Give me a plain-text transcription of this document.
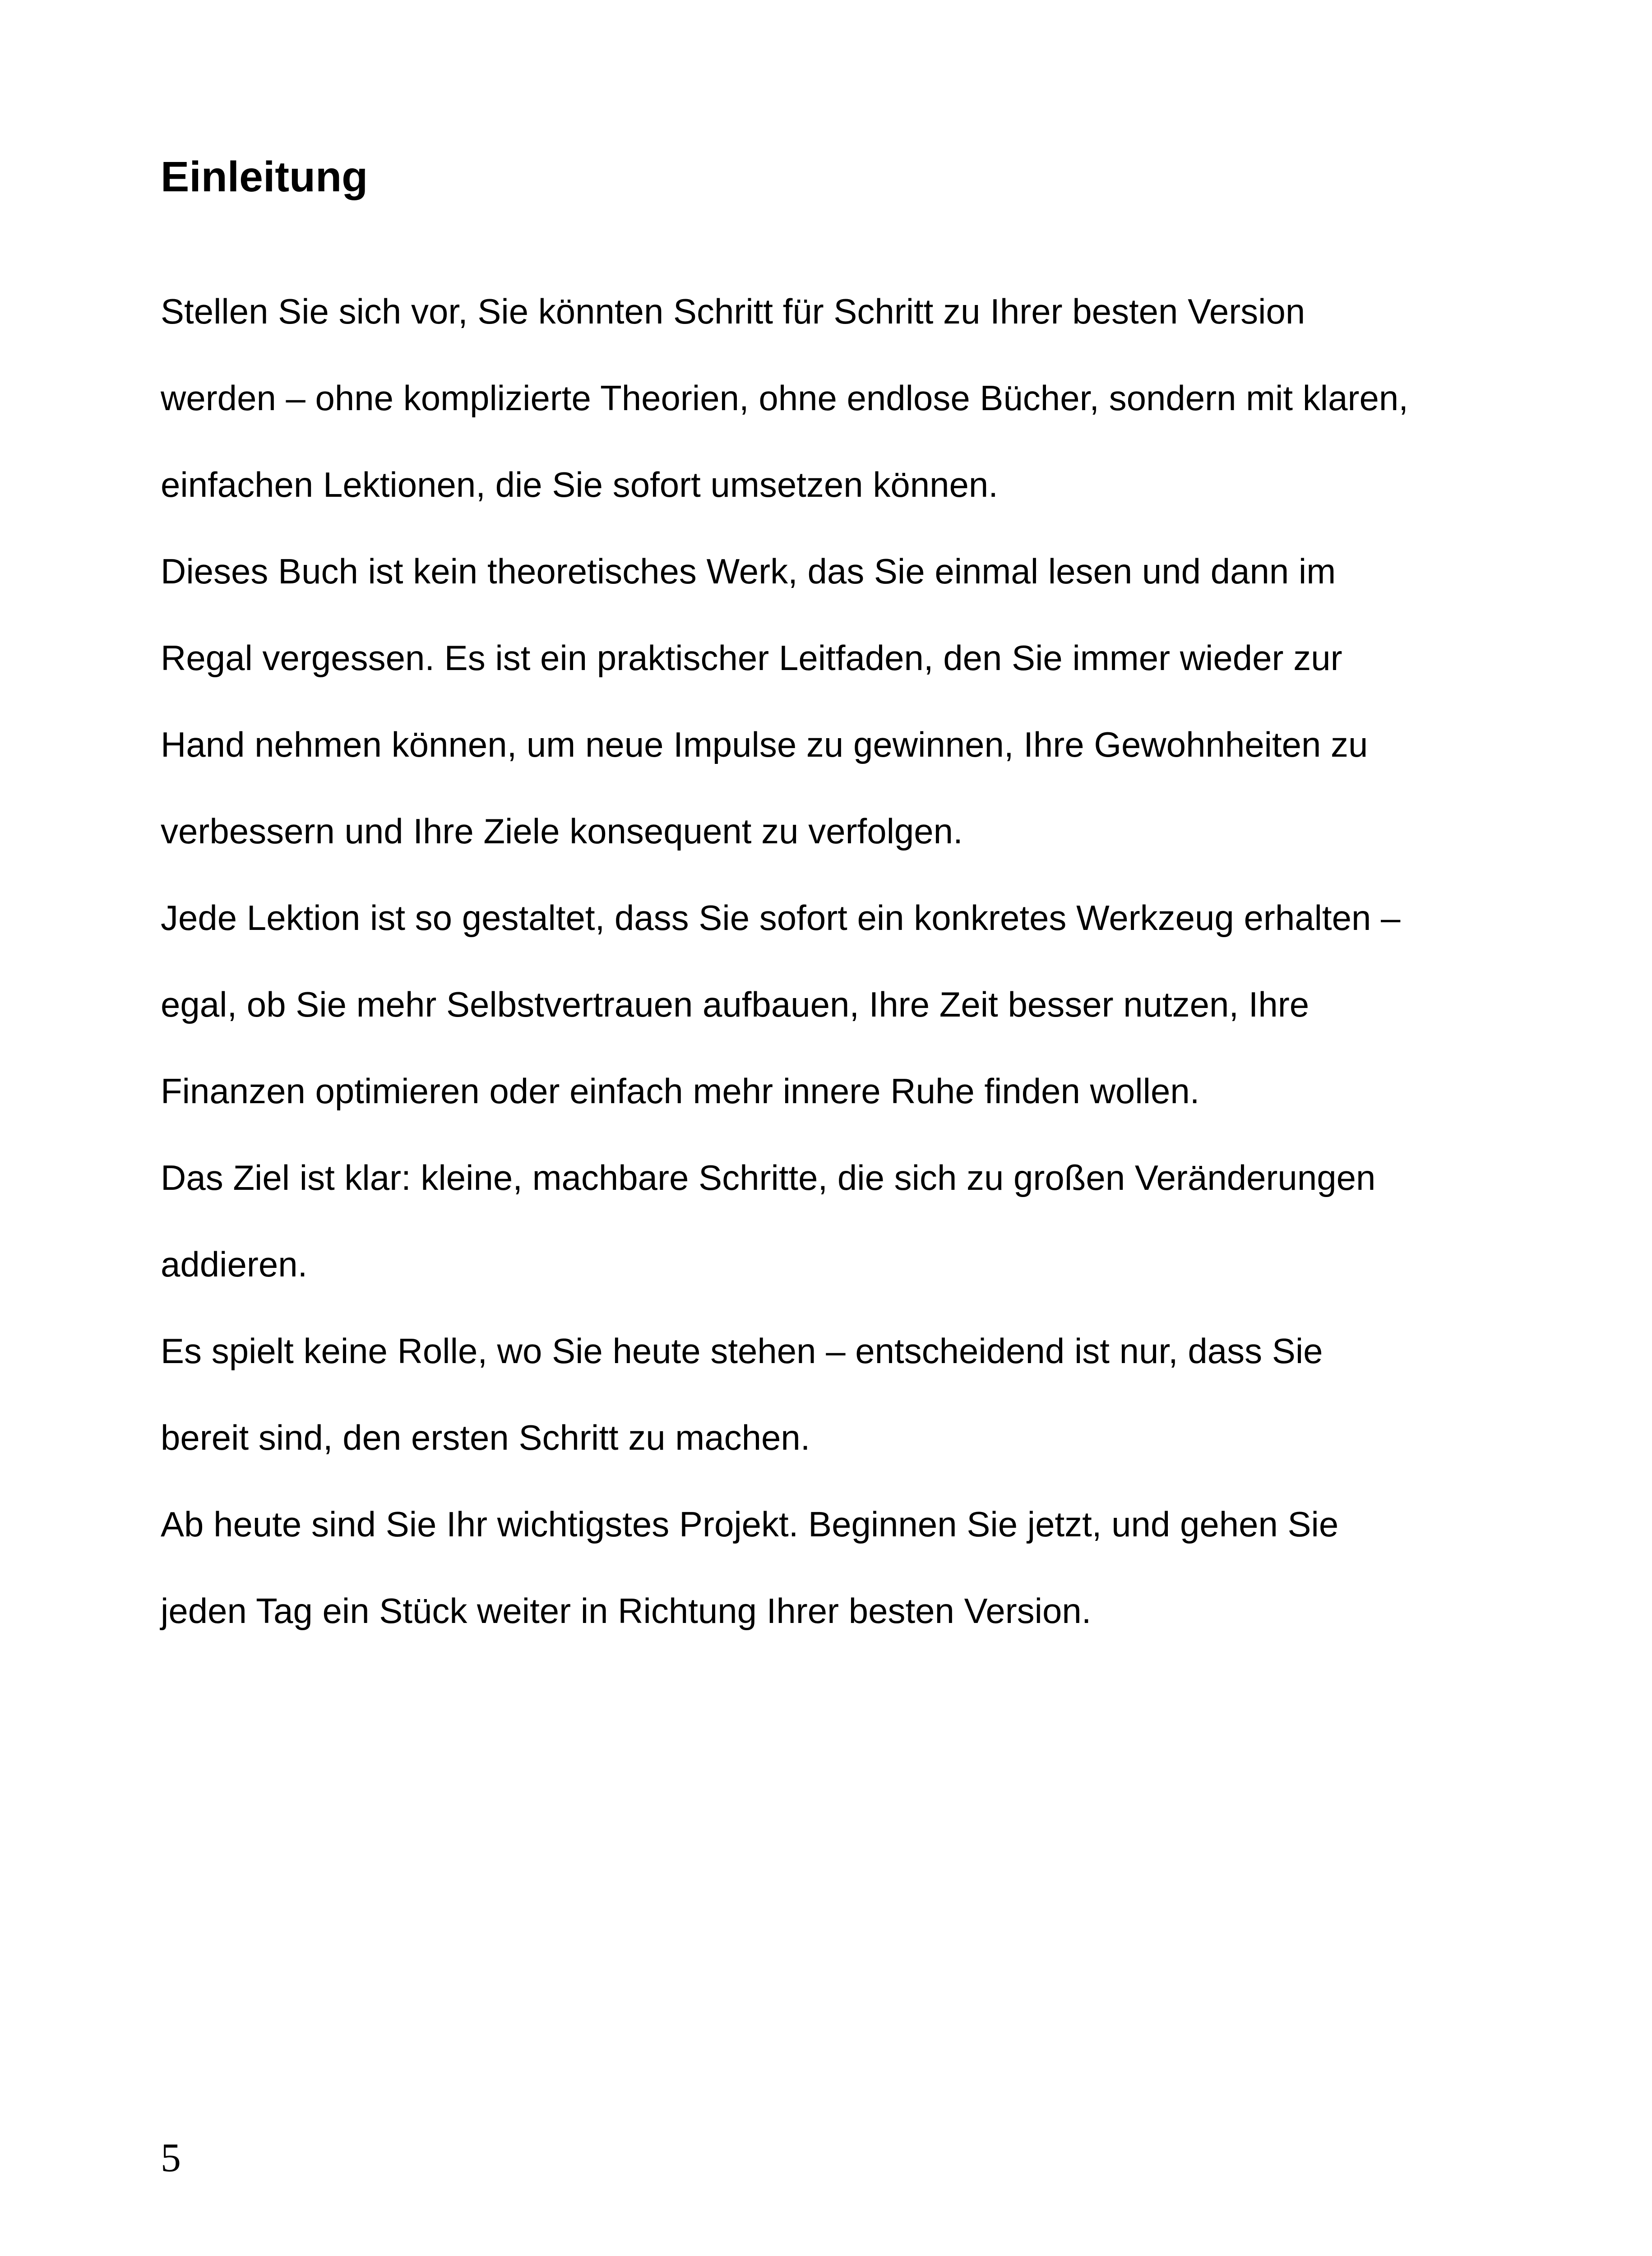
Einleitung
Stellen Sie sich vor, Sie könnten Schritt für Schritt zu Ihrer besten Version
werden – ohne komplizierte Theorien, ohne endlose Bücher, sondern mit klaren,
einfachen Lektionen, die Sie sofort umsetzen können.
Dieses Buch ist kein theoretisches Werk, das Sie einmal lesen und dann im
Regal vergessen. Es ist ein praktischer Leitfaden, den Sie immer wieder zur
Hand nehmen können, um neue Impulse zu gewinnen, Ihre Gewohnheiten zu
verbessern und Ihre Ziele konsequent zu verfolgen.
Jede Lektion ist so gestaltet, dass Sie sofort ein konkretes Werkzeug erhalten –
egal, ob Sie mehr Selbstvertrauen aufbauen, Ihre Zeit besser nutzen, Ihre
Finanzen optimieren oder einfach mehr innere Ruhe finden wollen.
Das Ziel ist klar: kleine, machbare Schritte, die sich zu großen Veränderungen
addieren.
Es spielt keine Rolle, wo Sie heute stehen – entscheidend ist nur, dass Sie
bereit sind, den ersten Schritt zu machen.
Ab heute sind Sie Ihr wichtigstes Projekt. Beginnen Sie jetzt, und gehen Sie
jeden Tag ein Stück weiter in Richtung Ihrer besten Version.
5
